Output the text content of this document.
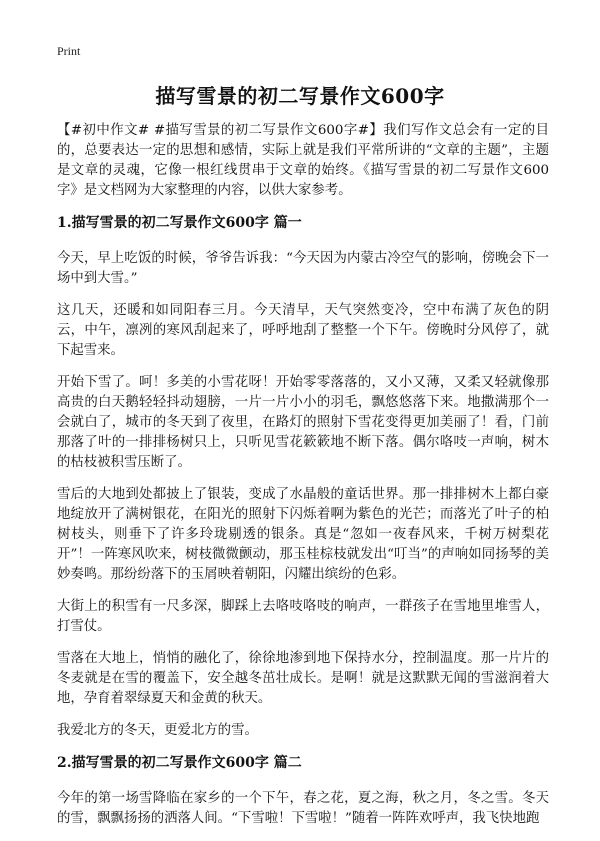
Print
描写雪景的初二写景作文600字

【#初中作文# #描写雪景的初二写景作文600字#】我们写作文总会有一定的目的，总要表达一定的思想和感情，实际上就是我们平常所讲的“文章的主题”，主题是文章的灵魂，它像一根红线贯串于文章的始终。《描写雪景的初二写景作文600字》是文档网为大家整理的内容，以供大家参考。

1.描写雪景的初二写景作文600字 篇一

今天，早上吃饭的时候，爷爷告诉我：“今天因为内蒙古冷空气的影响，傍晚会下一场中到大雪。”

这几天，还暖和如同阳春三月。今天清早，天气突然变冷，空中布满了灰色的阴云，中午，凛冽的寒风刮起来了，呼呼地刮了整整一个下午。傍晚时分风停了，就下起雪来。

开始下雪了。呵！多美的小雪花呀！开始零零落落的，又小又薄，又柔又轻就像那高贵的白天鹅轻轻抖动翅膀，一片一片小小的羽毛，飘悠悠落下来。地撒满那个一会就白了，城市的冬天到了夜里，在路灯的照射下雪花变得更加美丽了！看，门前那落了叶的一排排杨树只上，只听见雪花簌簌地不断下落。偶尔咯吱一声响，树木的枯枝被积雪压断了。

雪后的大地到处都披上了银装，变成了水晶般的童话世界。那一排排树木上都白豪地绽放开了满树银花，在阳光的照射下闪烁着啊为紫色的光芒；而落光了叶子的柏树枝头，则垂下了许多玲珑剔透的银条。真是“忽如一夜春风来，千树万树梨花开”！一阵寒风吹来，树枝微微颤动，那玉桂棕枝就发出“叮当”的声响如同扬琴的美妙奏鸣。那纷纷落下的玉屑映着朝阳，闪耀出缤纷的色彩。

大街上的积雪有一尺多深，脚踩上去咯吱咯吱的响声，一群孩子在雪地里堆雪人，打雪仗。

雪落在大地上，悄悄的融化了，徐徐地渗到地下保持水分，控制温度。那一片片的冬麦就是在雪的覆盖下，安全越冬茁壮成长。是啊！就是这默默无闻的雪滋润着大地，孕育着翠绿夏天和金黄的秋天。

我爱北方的冬天，更爱北方的雪。

2.描写雪景的初二写景作文600字 篇二

今年的第一场雪降临在家乡的一个下午，春之花，夏之海，秋之月，冬之雪。冬天的雪，飘飘扬扬的洒落人间。“下雪啦！下雪啦！”随着一阵阵欢呼声，我飞快地跑
